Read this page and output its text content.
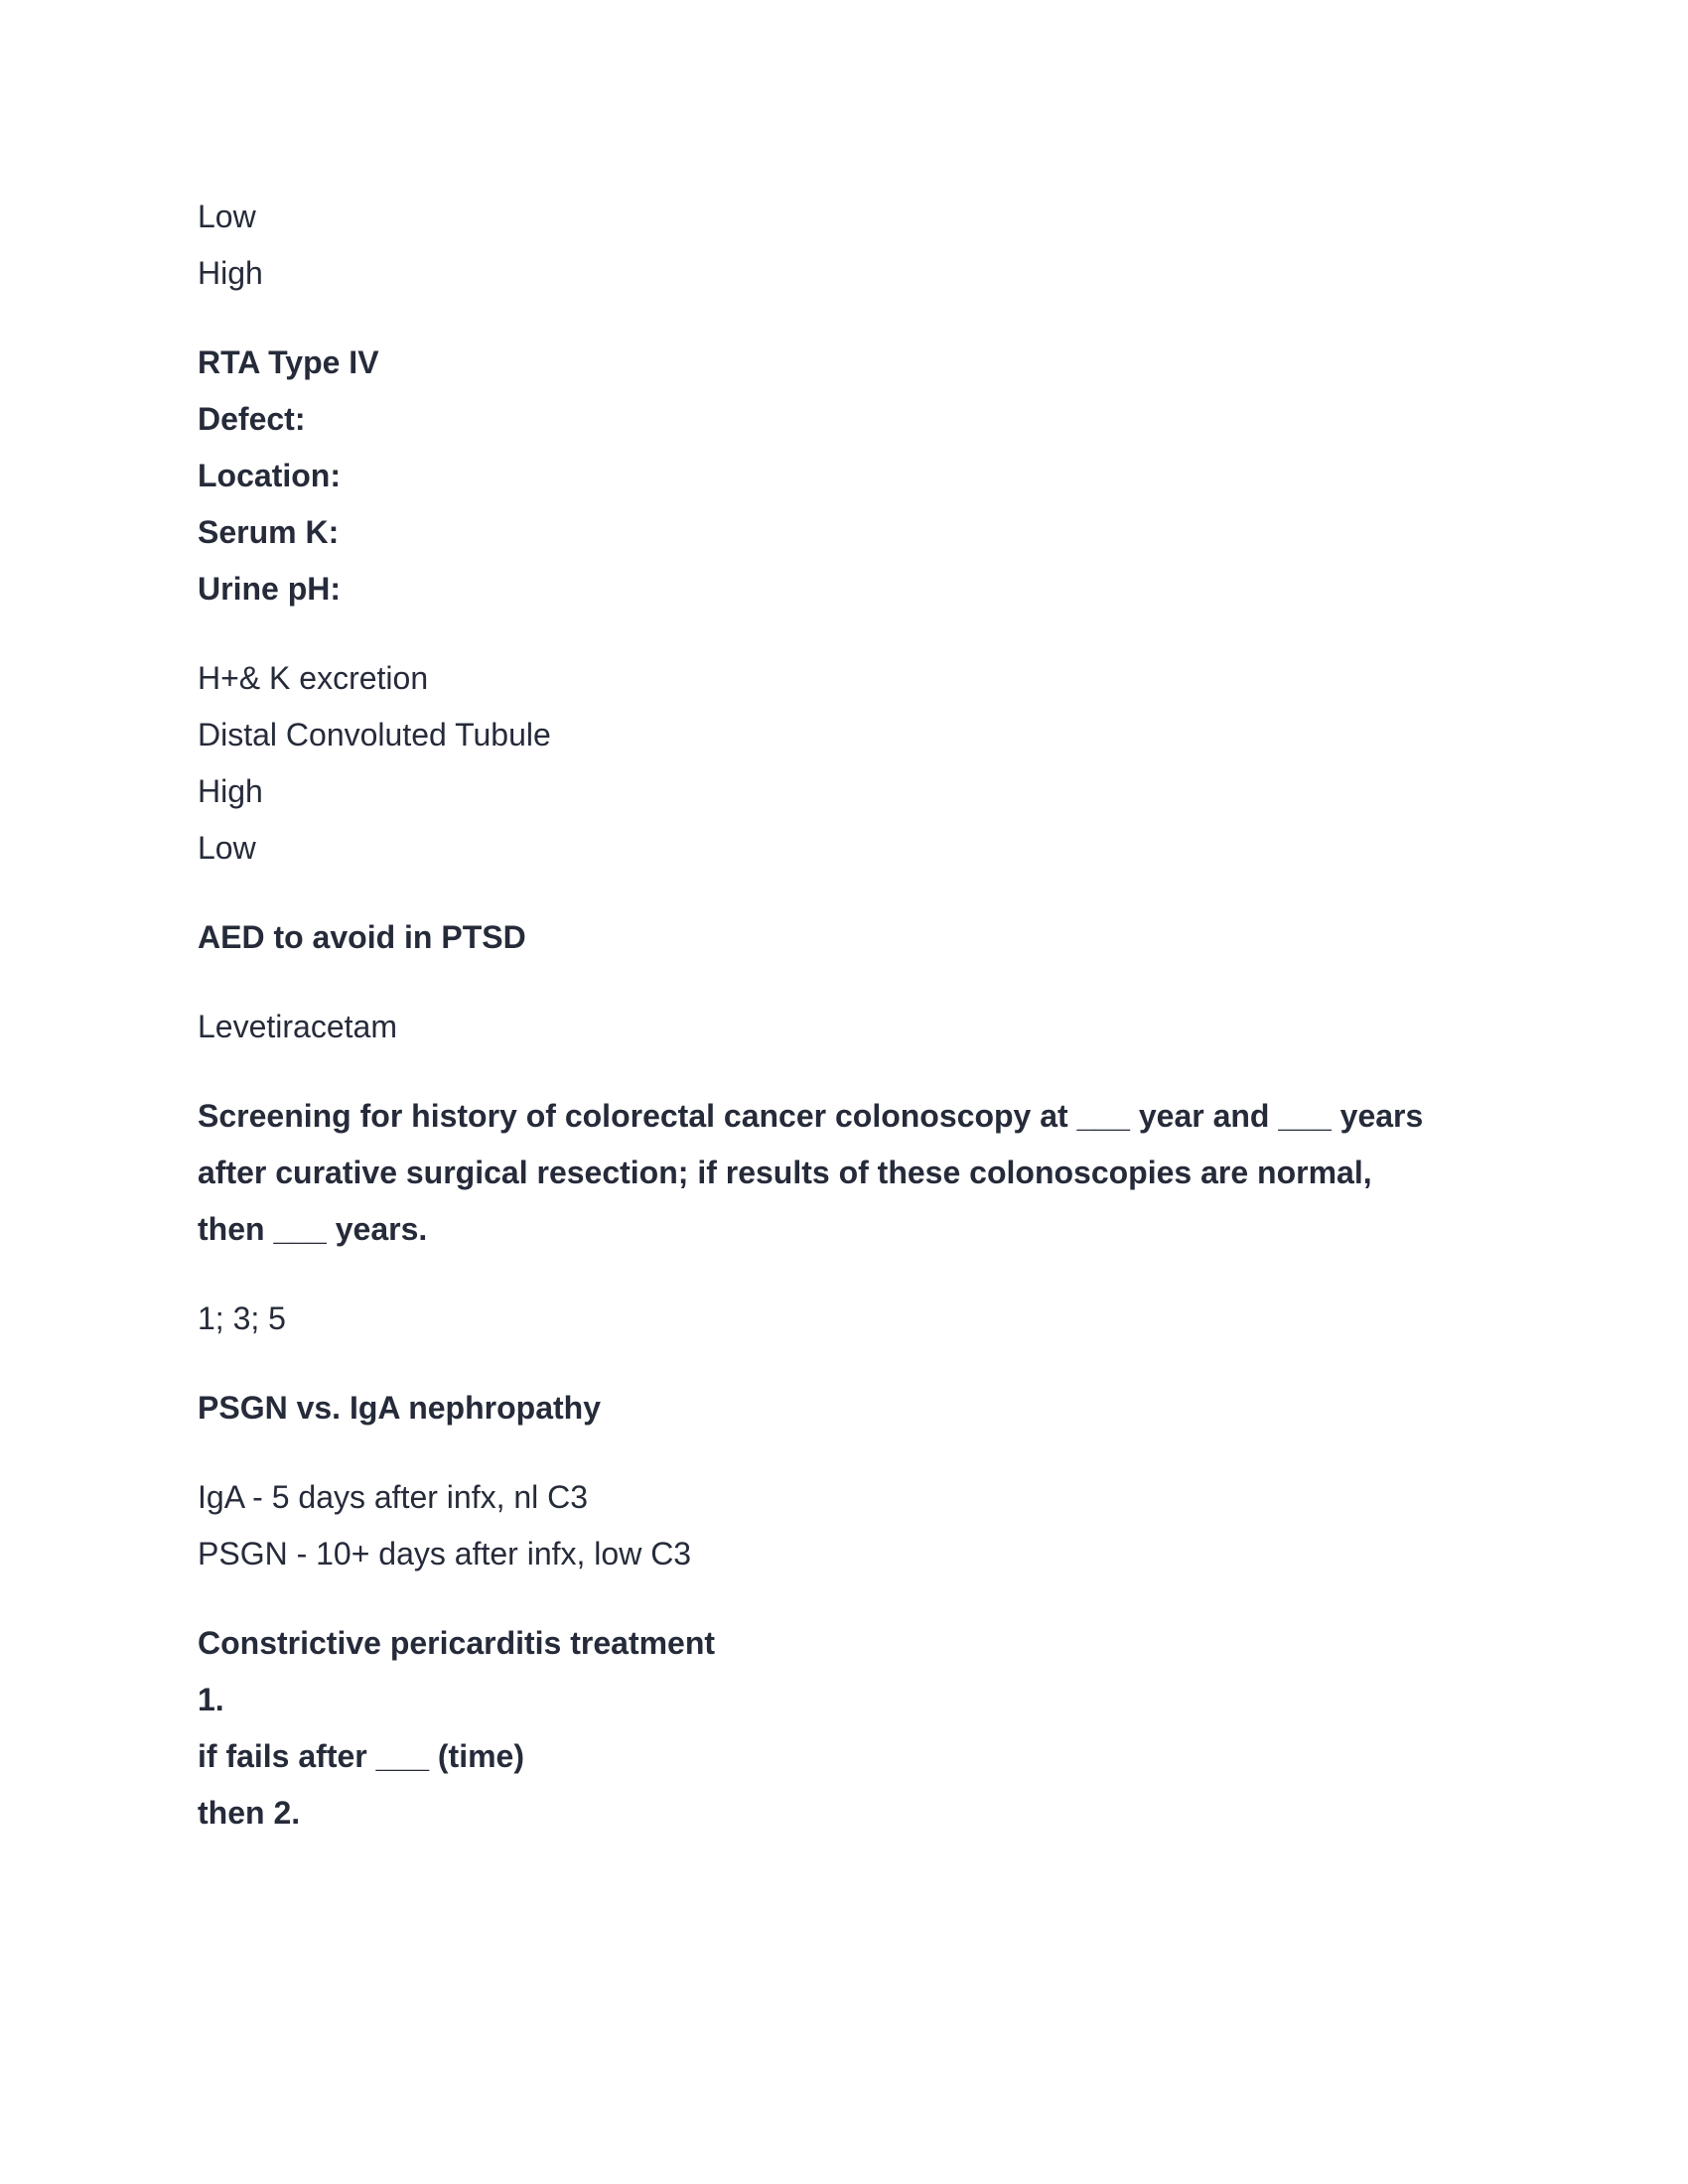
Low
High
RTA Type IV
Defect:
Location:
Serum K:
Urine pH:
H+& K excretion
Distal Convoluted Tubule
High
Low
AED to avoid in PTSD
Levetiracetam
Screening for history of colorectal cancer colonoscopy at ___ year and ___ years
after curative surgical resection; if results of these colonoscopies are normal,
then ___ years.
1; 3; 5
PSGN vs. IgA nephropathy
IgA - 5 days after infx, nl C3
PSGN - 10+ days after infx, low C3
Constrictive pericarditis treatment
1.
if fails after ___ (time)
then 2.
